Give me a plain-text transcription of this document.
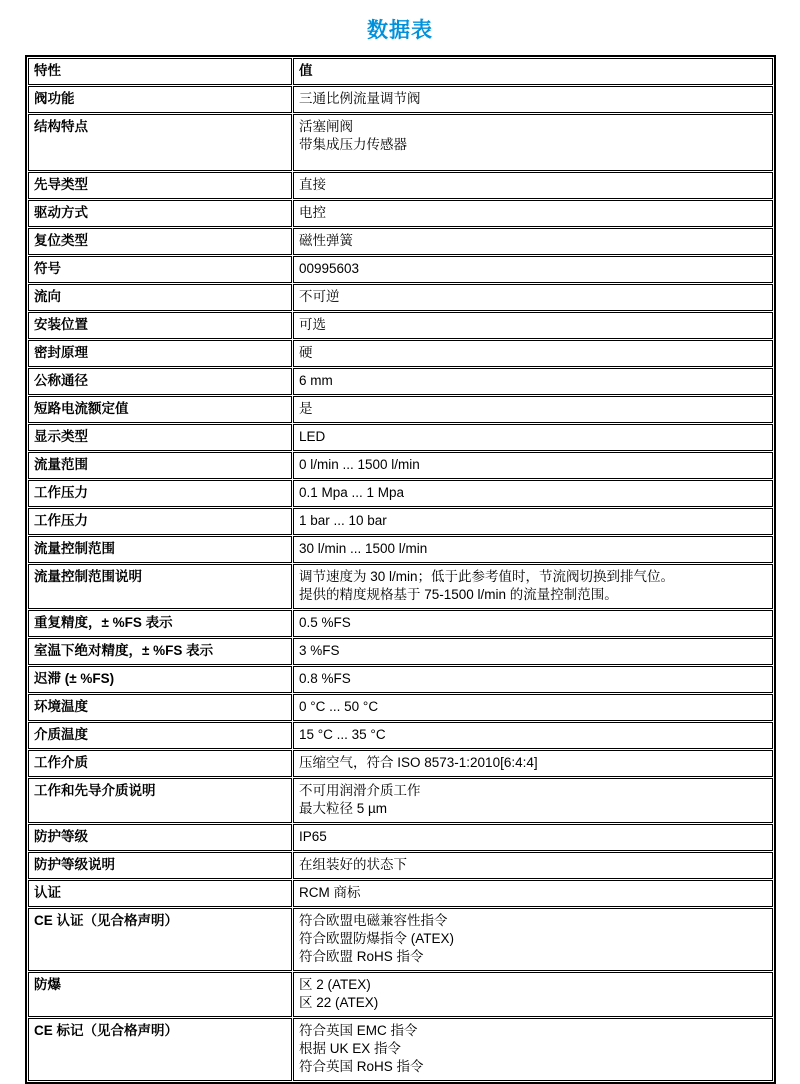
数据表
特性	值
阀功能	三通比例流量调节阀

结构特点	活塞闸阀
带集成压力传感器

先导类型	直接

驱动方式	电控

复位类型	磁性弹簧

符号	00995603

流向	不可逆

安装位置	可选

密封原理	硬

公称通径	6 mm

短路电流额定值	是

显示类型	LED

流量范围	0 l/min ... 1500 l/min

工作压力	0.1 Mpa ... 1 Mpa

工作压力	1 bar ... 10 bar

流量控制范围	30 l/min ... 1500 l/min

流量控制范围说明	调节速度为 30 l/min；低于此参考值时，节流阀切换到排气位。
提供的精度规格基于 75-1500 l/min 的流量控制范围。

重复精度，± %FS 表示	0.5 %FS

室温下绝对精度，± %FS 表示	3 %FS

迟滞 (± %FS)	0.8 %FS

环境温度	0 °C ... 50 °C

介质温度	15 °C ... 35 °C

工作介质	压缩空气，符合 ISO 8573-1:2010[6:4:4]

工作和先导介质说明	不可用润滑介质工作
最大粒径 5 µm

防护等级	IP65

防护等级说明	在组装好的状态下

认证	RCM 商标

CE 认证（见合格声明）	符合欧盟电磁兼容性指令
符合欧盟防爆指令 (ATEX)
符合欧盟 RoHS 指令

防爆	区 2 (ATEX)
区 22 (ATEX)

CE 标记（见合格声明）	符合英国 EMC 指令
根据 UK EX 指令
符合英国 RoHS 指令
